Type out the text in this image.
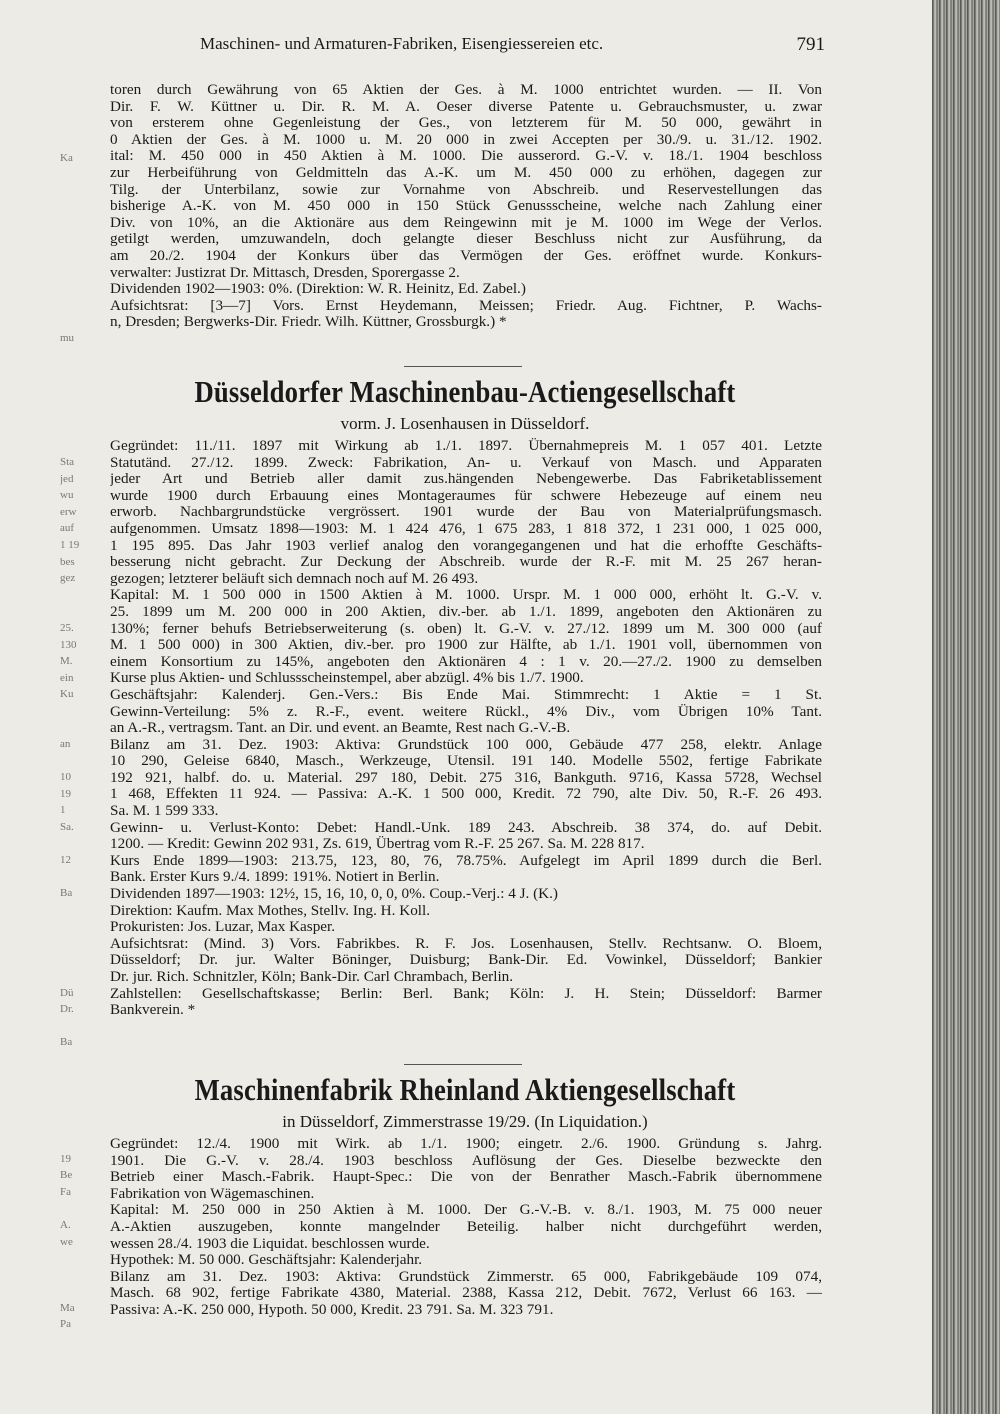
Maschinen- und Armaturen-Fabriken, Eisengiessereien etc.	791
toren durch Gewährung von 65 Aktien der Ges. à M. 1000 entrichtet wurden. — II. Von
Dir. F. W. Küttner u. Dir. R. M. A. Oeser diverse Patente u. Gebrauchsmuster, u. zwar
von ersterem ohne Gegenleistung der Ges., von letzterem für M. 50 000, gewährt in
0 Aktien der Ges. à M. 1000 u. M. 20 000 in zwei Accepten per 30./9. u. 31./12. 1902.
ital: M. 450 000 in 450 Aktien à M. 1000. Die ausserord. G.-V. v. 18./1. 1904 beschloss
zur Herbeiführung von Geldmitteln das A.-K. um M. 450 000 zu erhöhen, dagegen zur
Tilg. der Unterbilanz, sowie zur Vornahme von Abschreib. und Reservestellungen das
bisherige A.-K. von M. 450 000 in 150 Stück Genussscheine, welche nach Zahlung einer
Div. von 10%, an die Aktionäre aus dem Reingewinn mit je M. 1000 im Wege der Verlos.
getilgt werden, umzuwandeln, doch gelangte dieser Beschluss nicht zur Ausführung, da
am 20./2. 1904 der Konkurs über das Vermögen der Ges. eröffnet wurde. Konkurs-
verwalter: Justizrat Dr. Mittasch, Dresden, Sporergasse 2.
Dividenden 1902—1903: 0%. (Direktion: W. R. Heinitz, Ed. Zabel.)
Aufsichtsrat: [3—7] Vors. Ernst Heydemann, Meissen; Friedr. Aug. Fichtner, P. Wachs-
n, Dresden; Bergwerks-Dir. Friedr. Wilh. Küttner, Grossburgk.) *
Düsseldorfer Maschinenbau-Actiengesellschaft
vorm. J. Losenhausen in Düsseldorf.
Gegründet: 11./11. 1897 mit Wirkung ab 1./1. 1897. Übernahmepreis M. 1 057 401. Letzte
Statutänd. 27./12. 1899. Zweck: Fabrikation, An- u. Verkauf von Masch. und Apparaten
jeder Art und Betrieb aller damit zus.hängenden Nebengewerbe. Das Fabriketablissement
wurde 1900 durch Erbauung eines Montageraumes für schwere Hebezeuge auf einem neu
erworb. Nachbargrundstücke vergrössert. 1901 wurde der Bau von Materialprüfungsmasch.
aufgenommen. Umsatz 1898—1903: M. 1 424 476, 1 675 283, 1 818 372, 1 231 000, 1 025 000,
1 195 895. Das Jahr 1903 verlief analog den vorangegangenen und hat die erhoffte Geschäfts-
besserung nicht gebracht. Zur Deckung der Abschreib. wurde der R.-F. mit M. 25 267 heran-
gezogen; letzterer beläuft sich demnach noch auf M. 26 493.
Kapital: M. 1 500 000 in 1500 Aktien à M. 1000. Urspr. M. 1 000 000, erhöht lt. G.-V. v.
25. 1899 um M. 200 000 in 200 Aktien, div.-ber. ab 1./1. 1899, angeboten den Aktionären zu
130%; ferner behufs Betriebserweiterung (s. oben) lt. G.-V. v. 27./12. 1899 um M. 300 000 (auf
M. 1 500 000) in 300 Aktien, div.-ber. pro 1900 zur Hälfte, ab 1./1. 1901 voll, übernommen von
einem Konsortium zu 145%, angeboten den Aktionären 4 : 1 v. 20.—27./2. 1900 zu demselben
Kurse plus Aktien- und Schlussscheinstempel, aber abzügl. 4% bis 1./7. 1900.
Geschäftsjahr: Kalenderj. Gen.-Vers.: Bis Ende Mai. Stimmrecht: 1 Aktie = 1 St.
Gewinn-Verteilung: 5% z. R.-F., event. weitere Rückl., 4% Div., vom Übrigen 10% Tant.
an A.-R., vertragsm. Tant. an Dir. und event. an Beamte, Rest nach G.-V.-B.
Bilanz am 31. Dez. 1903: Aktiva: Grundstück 100 000, Gebäude 477 258, elektr. Anlage
10 290, Geleise 6840, Masch., Werkzeuge, Utensil. 191 140. Modelle 5502, fertige Fabrikate
192 921, halbf. do. u. Material. 297 180, Debit. 275 316, Bankguth. 9716, Kassa 5728, Wechsel
1 468, Effekten 11 924. — Passiva: A.-K. 1 500 000, Kredit. 72 790, alte Div. 50, R.-F. 26 493.
Sa. M. 1 599 333.
Gewinn- u. Verlust-Konto: Debet: Handl.-Unk. 189 243. Abschreib. 38 374, do. auf Debit.
1200. — Kredit: Gewinn 202 931, Zs. 619, Übertrag vom R.-F. 25 267. Sa. M. 228 817.
Kurs Ende 1899—1903: 213.75, 123, 80, 76, 78.75%. Aufgelegt im April 1899 durch die Berl.
Bank. Erster Kurs 9./4. 1899: 191%. Notiert in Berlin.
Dividenden 1897—1903: 12½, 15, 16, 10, 0, 0, 0%. Coup.-Verj.: 4 J. (K.)
Direktion: Kaufm. Max Mothes, Stellv. Ing. H. Koll.
Prokuristen: Jos. Luzar, Max Kasper.
Aufsichtsrat: (Mind. 3) Vors. Fabrikbes. R. F. Jos. Losenhausen, Stellv. Rechtsanw. O. Bloem,
Düsseldorf; Dr. jur. Walter Böninger, Duisburg; Bank-Dir. Ed. Vowinkel, Düsseldorf; Bankier
Dr. jur. Rich. Schnitzler, Köln; Bank-Dir. Carl Chrambach, Berlin.
Zahlstellen: Gesellschaftskasse; Berlin: Berl. Bank; Köln: J. H. Stein; Düsseldorf: Barmer
Bankverein. *
Maschinenfabrik Rheinland Aktiengesellschaft
in Düsseldorf, Zimmerstrasse 19/29. (In Liquidation.)
Gegründet: 12./4. 1900 mit Wirk. ab 1./1. 1900; eingetr. 2./6. 1900. Gründung s. Jahrg.
1901. Die G.-V. v. 28./4. 1903 beschloss Auflösung der Ges. Dieselbe bezweckte den
Betrieb einer Masch.-Fabrik. Haupt-Spec.: Die von der Benrather Masch.-Fabrik übernommene
Fabrikation von Wägemaschinen.
Kapital: M. 250 000 in 250 Aktien à M. 1000. Der G.-V.-B. v. 8./1. 1903, M. 75 000 neuer
A.-Aktien auszugeben, konnte mangelnder Beteilig. halber nicht durchgeführt werden,
wessen 28./4. 1903 die Liquidat. beschlossen wurde.
Hypothek: M. 50 000. Geschäftsjahr: Kalenderjahr.
Bilanz am 31. Dez. 1903: Aktiva: Grundstück Zimmerstr. 65 000, Fabrikgebäude 109 074,
Masch. 68 902, fertige Fabrikate 4380, Material. 2388, Kassa 212, Debit. 7672, Verlust 66 163. —
Passiva: A.-K. 250 000, Hypoth. 50 000, Kredit. 23 791. Sa. M. 323 791.
Ka
mu
Sta
jed
wu
erw
auf
1 19
bes
gez
25.
130
M.
ein
Ku
an
10
19
1
Sa.
12
Ba
Dü
Dr.
Ba
19
Be
Fa
A.
we
Ma
Pa
